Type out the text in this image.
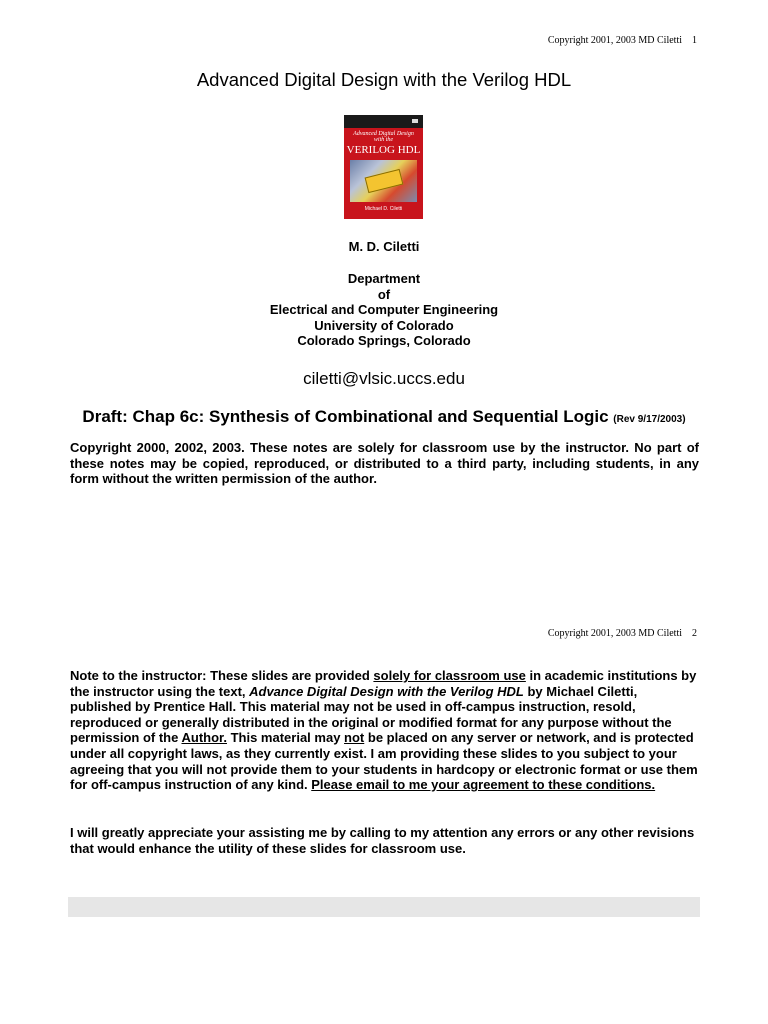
Copyright 2001, 2003 MD Ciletti 1
Advanced Digital Design with the Verilog HDL
Advanced Digital Design
with the
VERILOG HDL
Michael D. Ciletti
M. D. Ciletti
Department
of
Electrical and Computer Engineering
University of Colorado
Colorado Springs, Colorado
ciletti@vlsic.uccs.edu
Draft: Chap 6c: Synthesis of Combinational and Sequential Logic (Rev 9/17/2003)
Copyright 2000, 2002, 2003. These notes are solely for classroom use by the instructor. No part of these notes may be copied, reproduced, or distributed to a third party, including students, in any form without the written permission of the author.
Copyright 2001, 2003 MD Ciletti 2
Note to the instructor: These slides are provided solely for classroom use in academic institutions by the instructor using the text, Advance Digital Design with the Verilog HDL by Michael Ciletti, published by Prentice Hall. This material may not be used in off-campus instruction, resold, reproduced or generally distributed in the original or modified format for any purpose without the permission of the Author. This material may not be placed on any server or network, and is protected under all copyright laws, as they currently exist. I am providing these slides to you subject to your agreeing that you will not provide them to your students in hardcopy or electronic format or use them for off-campus instruction of any kind. Please email to me your agreement to these conditions.
I will greatly appreciate your assisting me by calling to my attention any errors or any other revisions that would enhance the utility of these slides for classroom use.
